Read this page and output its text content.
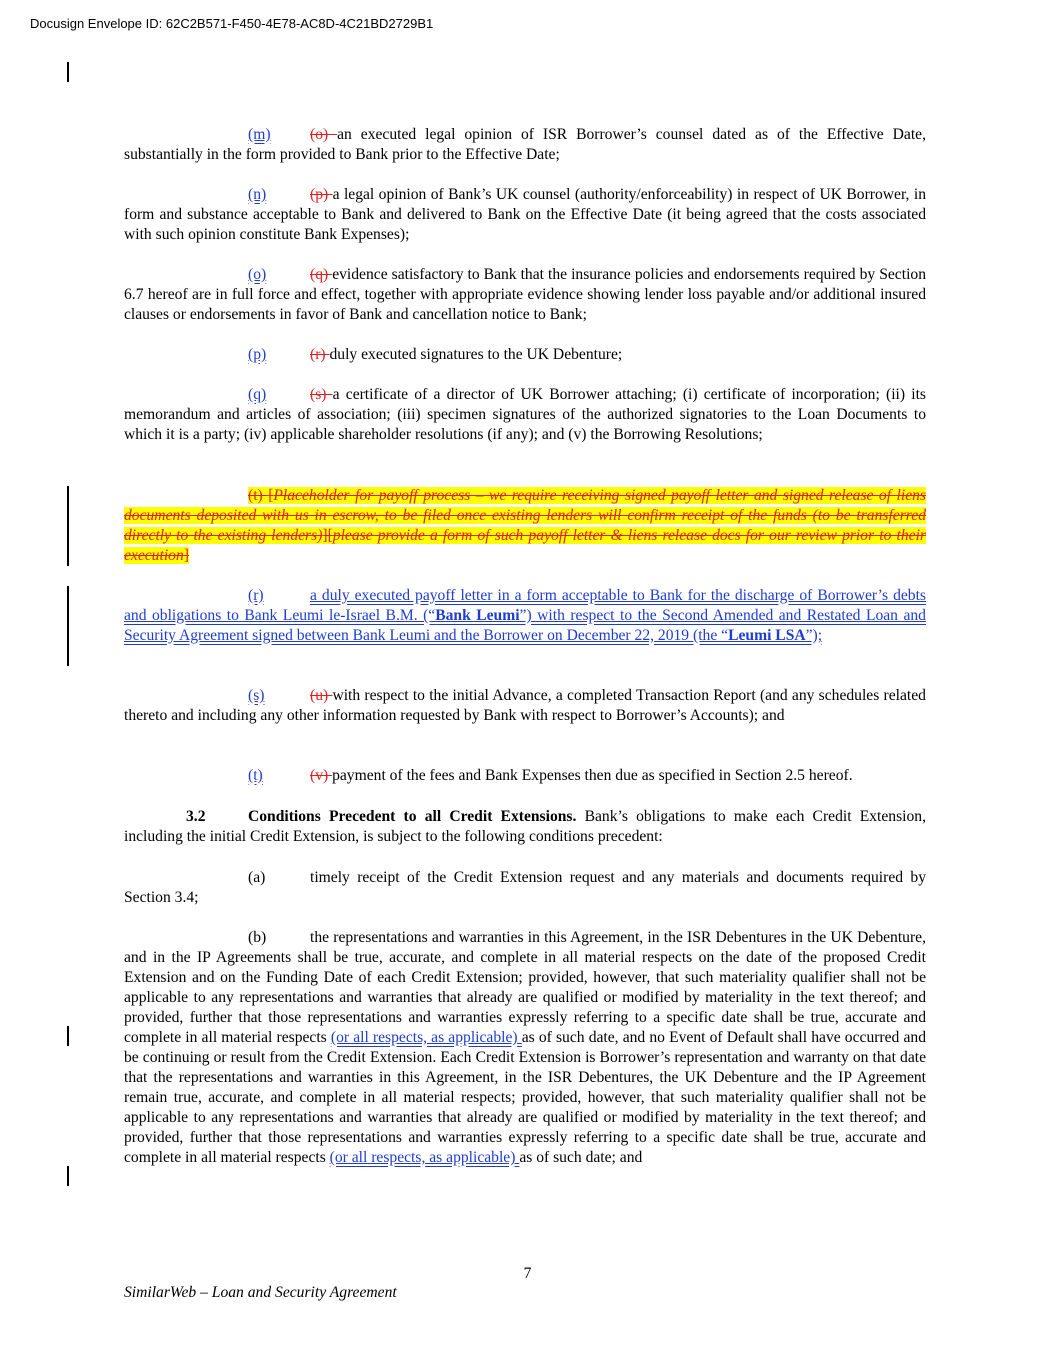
Docusign Envelope ID: 62C2B571-F450-4E78-AC8D-4C21BD2729B1

(m)	(o) an executed legal opinion of ISR Borrower’s counsel dated as of the Effective Date, substantially in the form provided to Bank prior to the Effective Date;

(n)	(p) a legal opinion of Bank’s UK counsel (authority/enforceability) in respect of UK Borrower, in form and substance acceptable to Bank and delivered to Bank on the Effective Date (it being agreed that the costs associated with such opinion constitute Bank Expenses);

(o)	(q) evidence satisfactory to Bank that the insurance policies and endorsements required by Section 6.7 hereof are in full force and effect, together with appropriate evidence showing lender loss payable and/or additional insured clauses or endorsements in favor of Bank and cancellation notice to Bank;

(p)	(r) duly executed signatures to the UK Debenture;

(q)	(s) a certificate of a director of UK Borrower attaching; (i) certificate of incorporation; (ii) its memorandum and articles of association; (iii) specimen signatures of the authorized signatories to the Loan Documents to which it is a party; (iv) applicable shareholder resolutions (if any); and (v) the Borrowing Resolutions;

(t) [Placeholder for payoff process – we require receiving signed payoff letter and signed release of liens documents deposited with us in escrow, to be filed once existing lenders will confirm receipt of the funds (to be transferred directly to the existing lenders)][please provide a form of such payoff letter & liens release docs for our review prior to their execution]

(r)	a duly executed payoff letter in a form acceptable to Bank for the discharge of Borrower’s debts and obligations to Bank Leumi le-Israel B.M. (“Bank Leumi”) with respect to the Second Amended and Restated Loan and Security Agreement signed between Bank Leumi and the Borrower on December 22, 2019 (the “Leumi LSA”);

(s)	(u) with respect to the initial Advance, a completed Transaction Report (and any schedules related thereto and including any other information requested by Bank with respect to Borrower’s Accounts); and

(t)	(v) payment of the fees and Bank Expenses then due as specified in Section 2.5 hereof.

3.2	Conditions Precedent to all Credit Extensions. Bank’s obligations to make each Credit Extension, including the initial Credit Extension, is subject to the following conditions precedent:

(a)	timely receipt of the Credit Extension request and any materials and documents required by Section 3.4;

(b)	the representations and warranties in this Agreement, in the ISR Debentures in the UK Debenture, and in the IP Agreements shall be true, accurate, and complete in all material respects on the date of the proposed Credit Extension and on the Funding Date of each Credit Extension; provided, however, that such materiality qualifier shall not be applicable to any representations and warranties that already are qualified or modified by materiality in the text thereof; and provided, further that those representations and warranties expressly referring to a specific date shall be true, accurate and complete in all material respects (or all respects, as applicable) as of such date, and no Event of Default shall have occurred and be continuing or result from the Credit Extension. Each Credit Extension is Borrower’s representation and warranty on that date that the representations and warranties in this Agreement, in the ISR Debentures, the UK Debenture and the IP Agreement remain true, accurate, and complete in all material respects; provided, however, that such materiality qualifier shall not be applicable to any representations and warranties that already are qualified or modified by materiality in the text thereof; and provided, further that those representations and warranties expressly referring to a specific date shall be true, accurate and complete in all material respects (or all respects, as applicable) as of such date; and

7
SimilarWeb – Loan and Security Agreement
